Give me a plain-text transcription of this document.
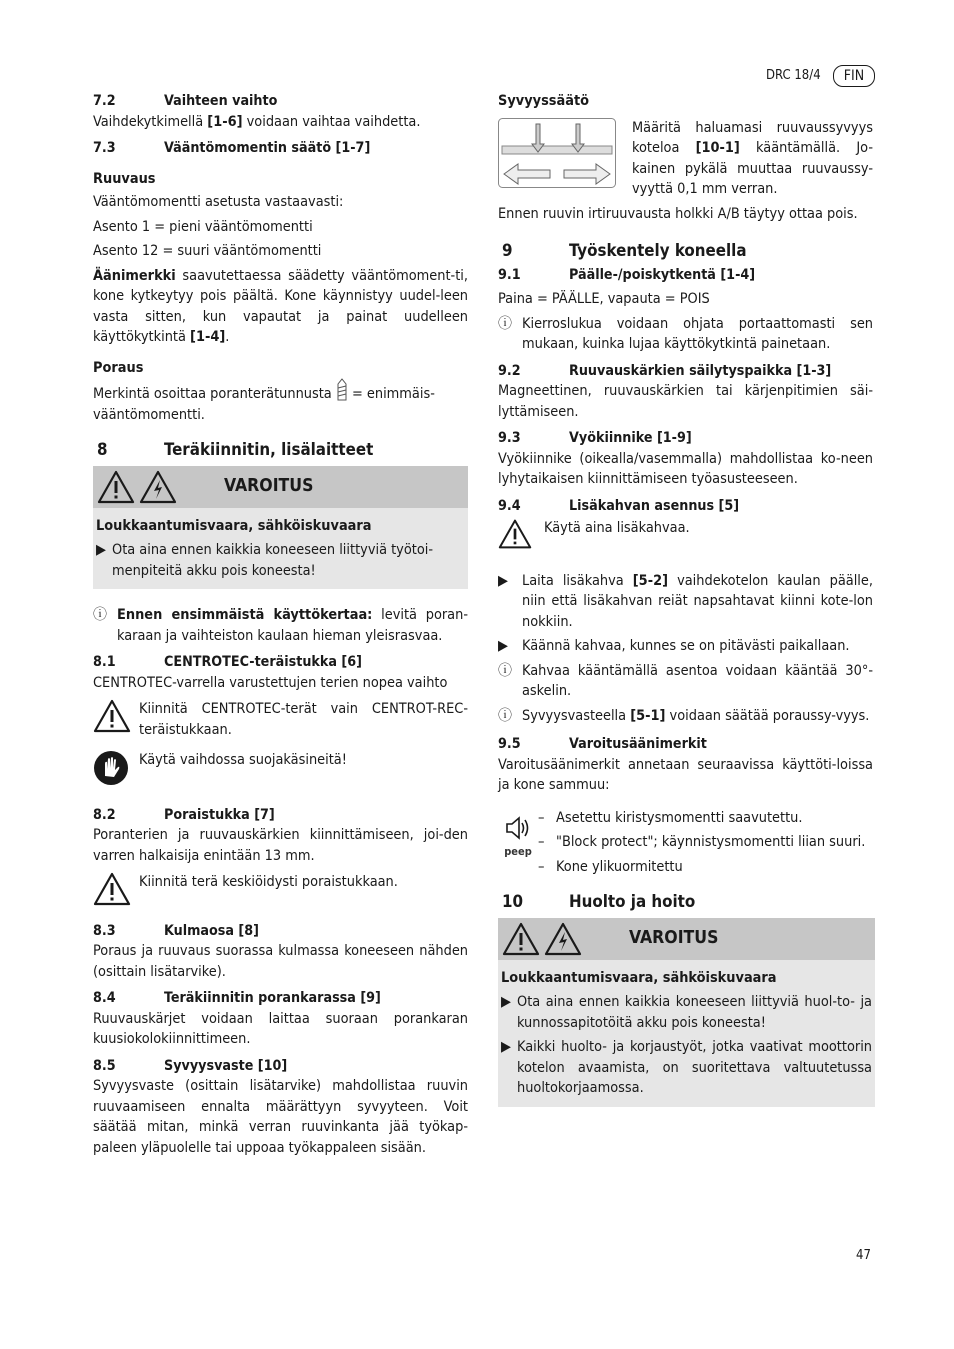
DRC 18/4	FIN
47
7.2	Vaihteen vaihto

Vaihdekytkimellä [1-6] voidaan vaihtaa vaihdetta.

7.3	Vääntömomentin säätö [1-7]
Ruuvaus

Vääntömomentti asetusta vastaavasti:

Asento 1 = pieni vääntömomentti

Asento 12 = suuri vääntömomentti

Äänimerkki saavutettaessa säädetty vääntömoment-ti, kone kytkeytyy pois päältä. Kone käynnistyy uudel-leen vasta sitten, kun vapautat ja painat uudelleen käyttökytkintä [1-4].

Poraus

Merkintä osoittaa poranterätunnusta  = enimmäis-vääntömomentti.

8	Teräkiinnitin, lisälaitteet
VAROITUS
Loukkaantumisvaara, sähköiskuvaara
▶ Ota aina ennen kaikkia koneeseen liittyviä työtoi-menpiteitä akku pois koneesta!
ⓘ Ennen ensimmäistä käyttökertaa: levitä poran-karaan ja vaihteiston kaulaan hieman yleisrasvaa.

8.1	CENTROTEC-teräistukka [6]

CENTROTEC-varrella varustettujen terien nopea vaihto

Kiinnitä CENTROTEC-terät vain CENTROT-REC-teräistukkaan.

Käytä vaihdossa suojakäsineitä!

8.2	Poraistukka [7]

Poranterien ja ruuvauskärkien kiinnittämiseen, joi-den varren halkaisija enintään 13 mm.

Kiinnitä terä keskiöidysti poraistukkaan.

8.3	Kulmaosa [8]

Poraus ja ruuvaus suorassa kulmassa koneeseen nähden (osittain lisätarvike).

8.4	Teräkiinnitin porankarassa [9]

Ruuvauskärjet voidaan laittaa suoraan porankaran kuusiokolokiinnittimeen.

8.5	Syvyysvaste [10]

Syvyysvaste (osittain lisätarvike) mahdollistaa ruuvin ruuvaamiseen ennalta määrättyyn syvyyteen. Voit säätää mitan, minkä verran ruuvinkanta jää työkap-paleen yläpuolelle tai uppoaa työkappaleen sisään.

Syvyyssäätö

Määritä haluamasi ruuvaussyvyys koteloa [10-1] kääntämällä. Jo-kainen pykälä muuttaa ruuvaussy-vyyttä 0,1 mm verran.

Ennen ruuvin irtiruuvausta holkki A/B täytyy ottaa pois.

9	Työskentely koneella
9.1	Päälle-/poiskytkentä [1-4]

Paina = PÄÄLLE, vapauta = POIS

ⓘ Kierroslukua voidaan ohjata portaattomasti sen mukaan, kuinka lujaa käyttökytkintä painetaan.

9.2	Ruuvauskärkien säilytyspaikka [1-3]

Magneettinen, ruuvauskärkien tai kärjenpitimien säi-lyttämiseen.

9.3	Vyökiinnike [1-9]

Vyökiinnike (oikealla/vasemmalla) mahdollistaa ko-neen lyhytaikaisen kiinnittämiseen työasusteeseen.

9.4	Lisäkahvan asennus [5]

Käytä aina lisäkahvaa.

▶ Laita lisäkahva [5-2] vaihdekotelon kaulan päälle, niin että lisäkahvan reiät napsahtavat kiinni kote-lon nokkiin.

▶ Käännä kahvaa, kunnes se on pitävästi paikallaan.

ⓘ Kahvaa kääntämällä asentoa voidaan kääntää 30°-askelin.

ⓘ Syvyysvasteella [5-1] voidaan säätää poraussy-vyys.

9.5	Varoitusäänimerkit

Varoitusäänimerkit annetaan seuraavissa käyttöti-loissa ja kone sammuu:

peep
– Asetettu kiristysmomentti saavutettu.

– "Block protect"; käynnistysmomentti liian suuri.

– Kone ylikuormitettu

10	Huolto ja hoito
VAROITUS
Loukkaantumisvaara, sähköiskuvaara
▶ Ota aina ennen kaikkia koneeseen liittyviä huol-to- ja kunnossapitotöitä akku pois koneesta!

▶ Kaikki huolto- ja korjaustyöt, jotka vaativat moottorin kotelon avaamista, on suoritettava valtuutetussa huoltokorjaamossa.
